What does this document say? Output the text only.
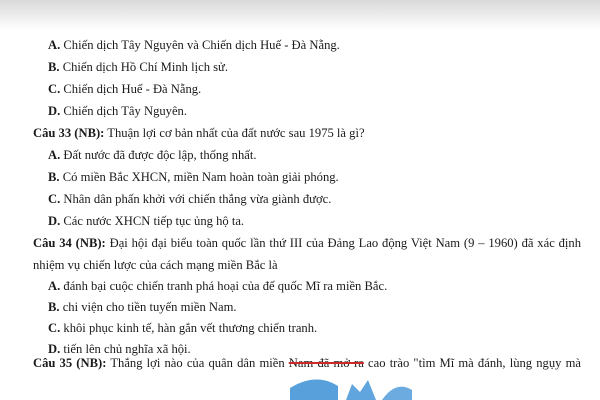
A. Chiến dịch Tây Nguyên và Chiến dịch Huế - Đà Nẵng.
B. Chiến dịch Hồ Chí Minh lịch sử.
C. Chiến dịch Huế - Đà Nẵng.
D. Chiến dịch Tây Nguyên.
Câu 33 (NB): Thuận lợi cơ bản nhất của đất nước sau 1975 là gì?
A. Đất nước đã được độc lập, thống nhất.
B. Có miền Bắc XHCN, miền Nam hoàn toàn giải phóng.
C. Nhân dân phấn khởi với chiến thắng vừa giành được.
D. Các nước XHCN tiếp tục ủng hộ ta.
Câu 34 (NB): Đại hội đại biểu toàn quốc lần thứ III của Đảng Lao động Việt Nam (9 – 1960) đã xác định
nhiệm vụ chiến lược của cách mạng miền Bắc là
A. đánh bại cuộc chiến tranh phá hoại của đế quốc Mĩ ra miền Bắc.
B. chi viện cho tiền tuyến miền Nam.
C. khôi phục kinh tế, hàn gắn vết thương chiến tranh.
D. tiến lên chủ nghĩa xã hội.
Câu 35 (NB): Thắng lợi nào của quân dân miền Nam đã mở ra cao trào "tìm Mĩ mà đánh, lùng ngụy mà
